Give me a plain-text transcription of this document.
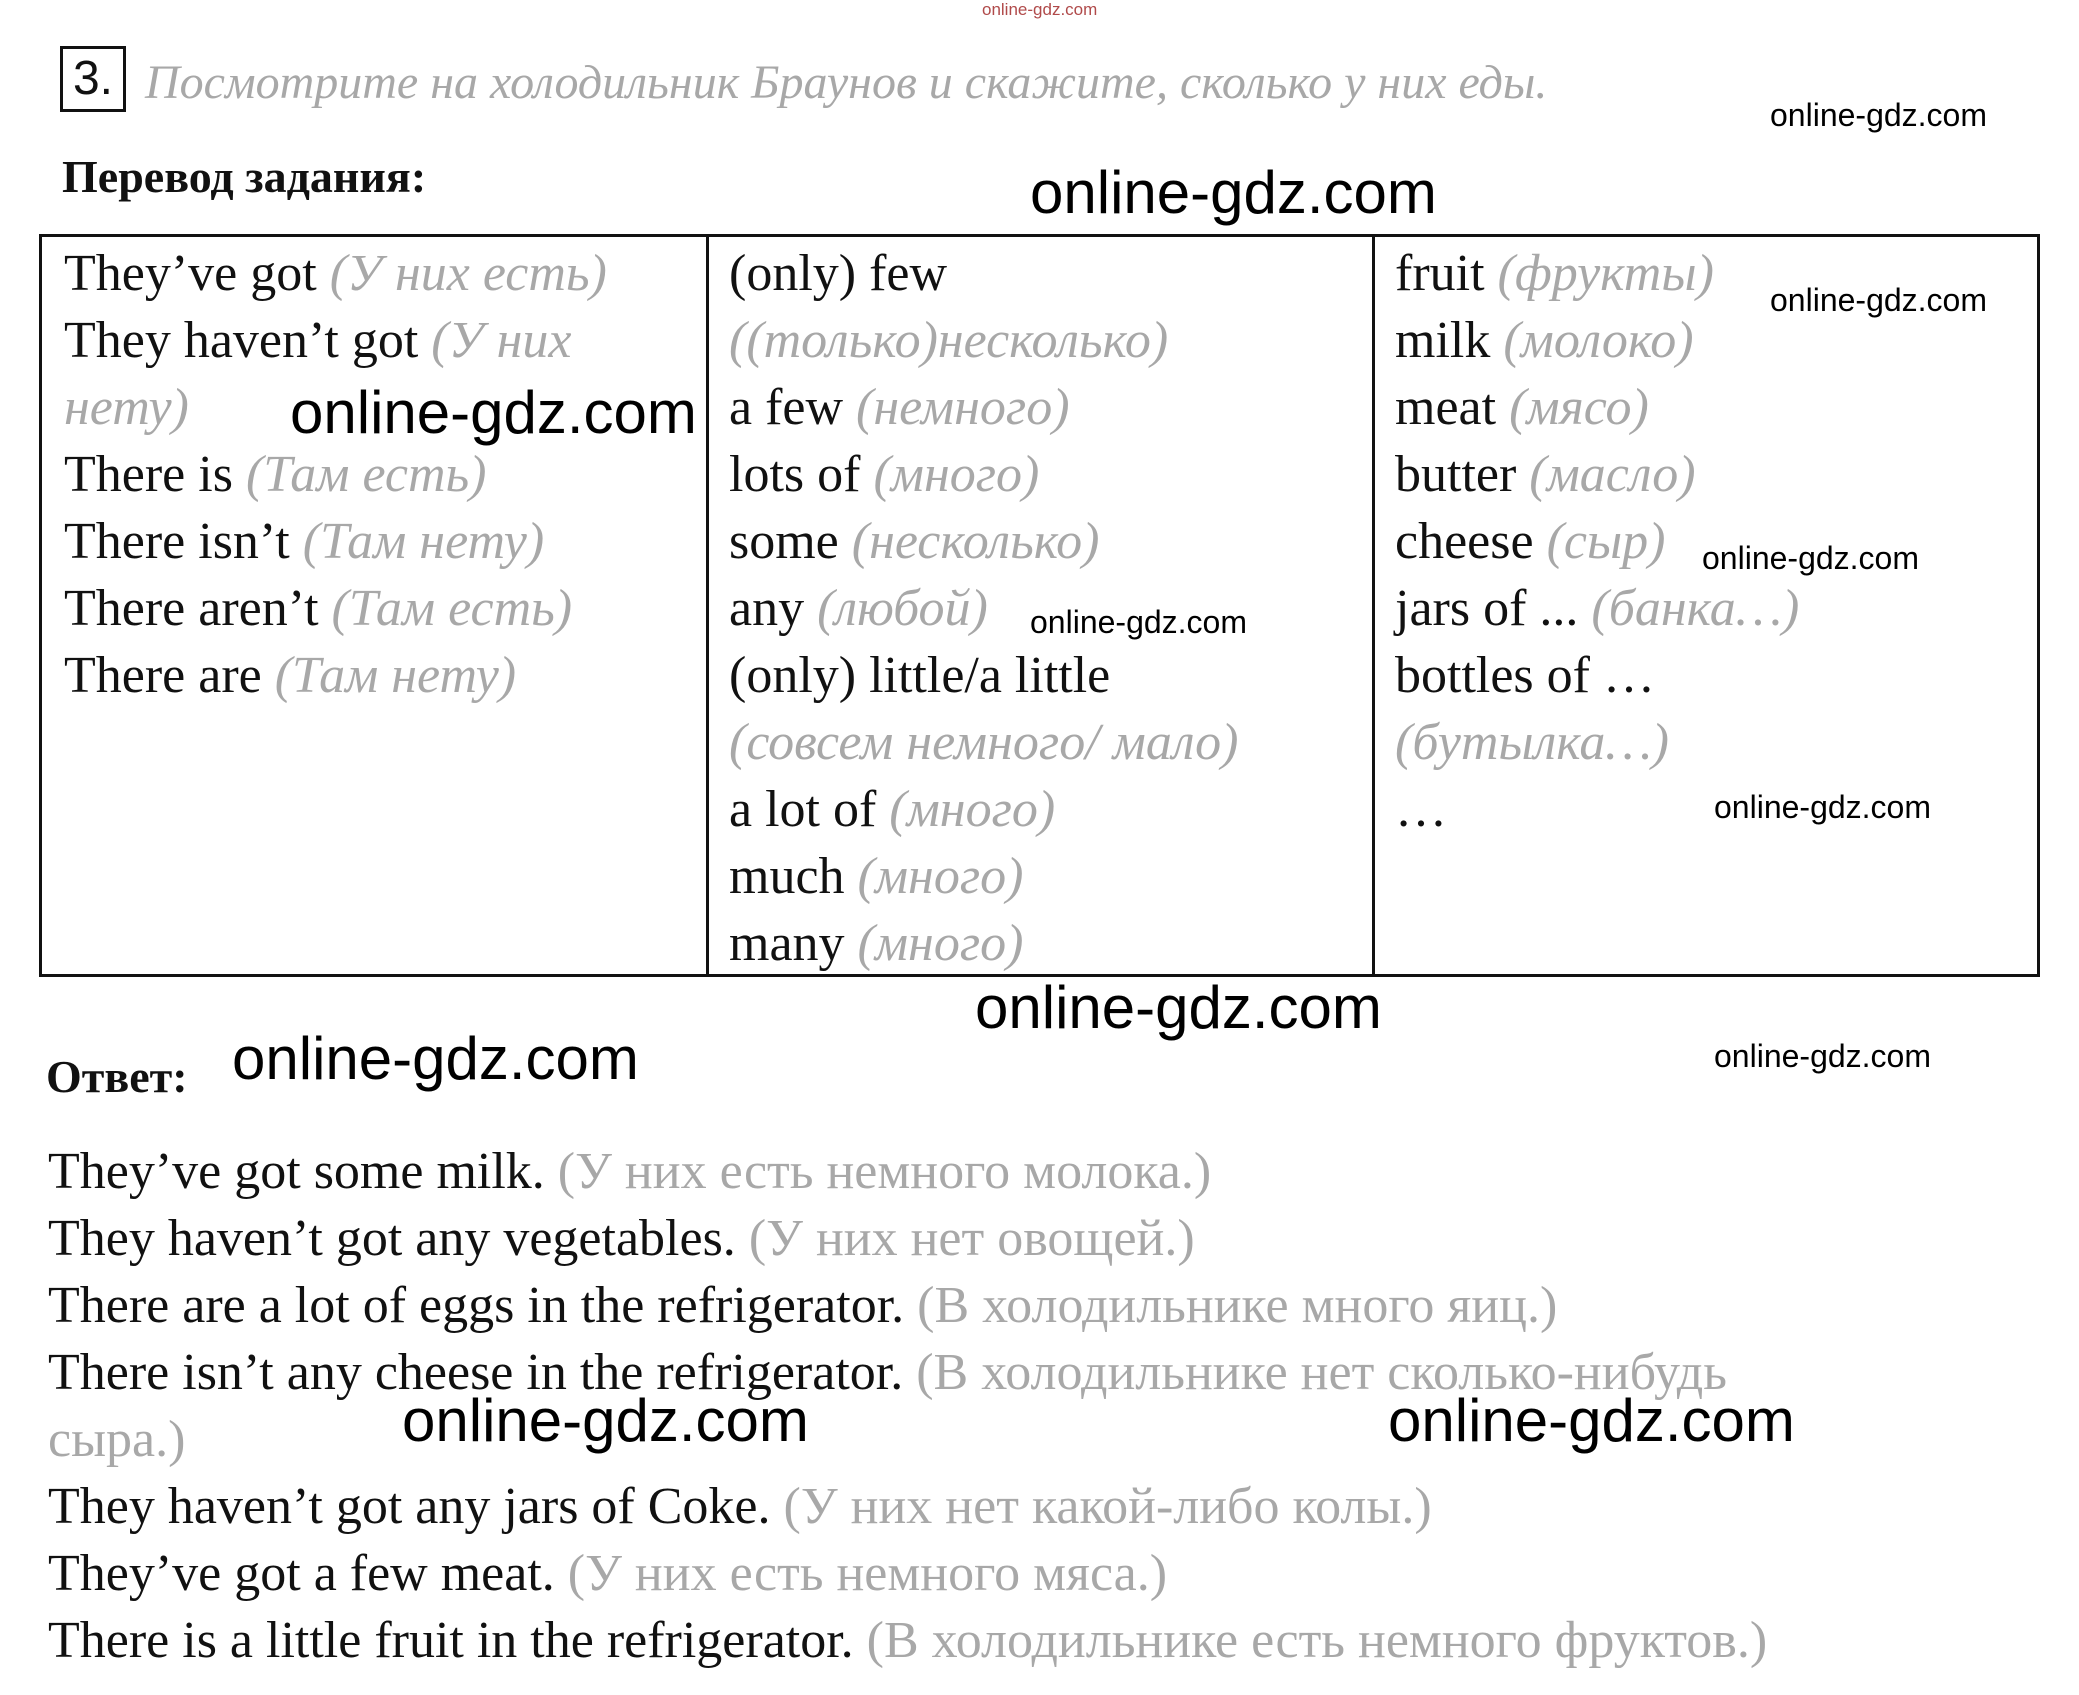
online-gdz.com
3. Посмотрите на холодильник Браунов и скажите, сколько у них еды.
Перевод задания:
They’ve got (У них есть)
They haven’t got (У них
нету)
There is (Там есть)
There isn’t (Там нету)
There aren’t (Там есть)
There are (Там нету)
(only) few
((только)несколько)
a few (немного)
lots of (много)
some (несколько)
any (любой)
(only) little/a little
(совсем немного/ мало)
a lot of (много)
much (много)
many (много)
fruit (фрукты)
milk (молоко)
meat (мясо)
butter (масло)
cheese (сыр)
jars of ... (банка…)
bottles of …
(бутылка…)
…
Ответ:
They’ve got some milk. (У них есть немного молока.)
They haven’t got any vegetables. (У них нет овощей.)
There are a lot of eggs in the refrigerator. (В холодильнике много яиц.)
There isn’t any cheese in the refrigerator. (В холодильнике нет сколько-нибудь
сыра.)
They haven’t got any jars of Coke. (У них нет какой-либо колы.)
They’ve got a few meat. (У них есть немного мяса.)
There is a little fruit in the refrigerator. (В холодильнике есть немного фруктов.)
online-gdz.com
online-gdz.com
online-gdz.com
online-gdz.com
online-gdz.com
online-gdz.com
online-gdz.com
online-gdz.com
online-gdz.com	online-gdz.com
online-gdz.com	online-gdz.com
